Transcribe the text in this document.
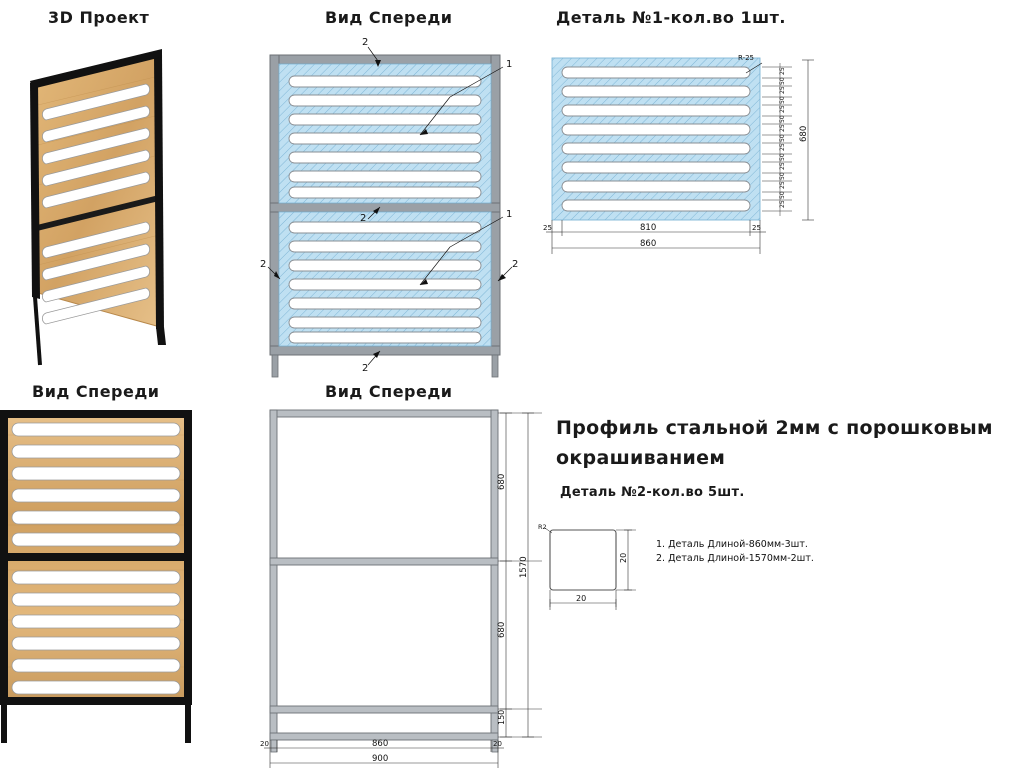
3D Проект	Вид Спереди	Деталь №1-кол.во 1шт.
Вид Спереди	Вид Спереди
2
1
2	1
2	2
2
R-25
25
50
25
50
25
50
25
50
25
50
25
50
25
50
25
680
810
860
25	25
680
680
150
1570
860
900
20	20
Профиль стальной 2мм с порошковым
окрашиванием
Деталь №2-кол.во 5шт.
R2
20
20
1. Деталь Длиной-860мм-3шт.
2. Деталь Длиной-1570мм-2шт.
